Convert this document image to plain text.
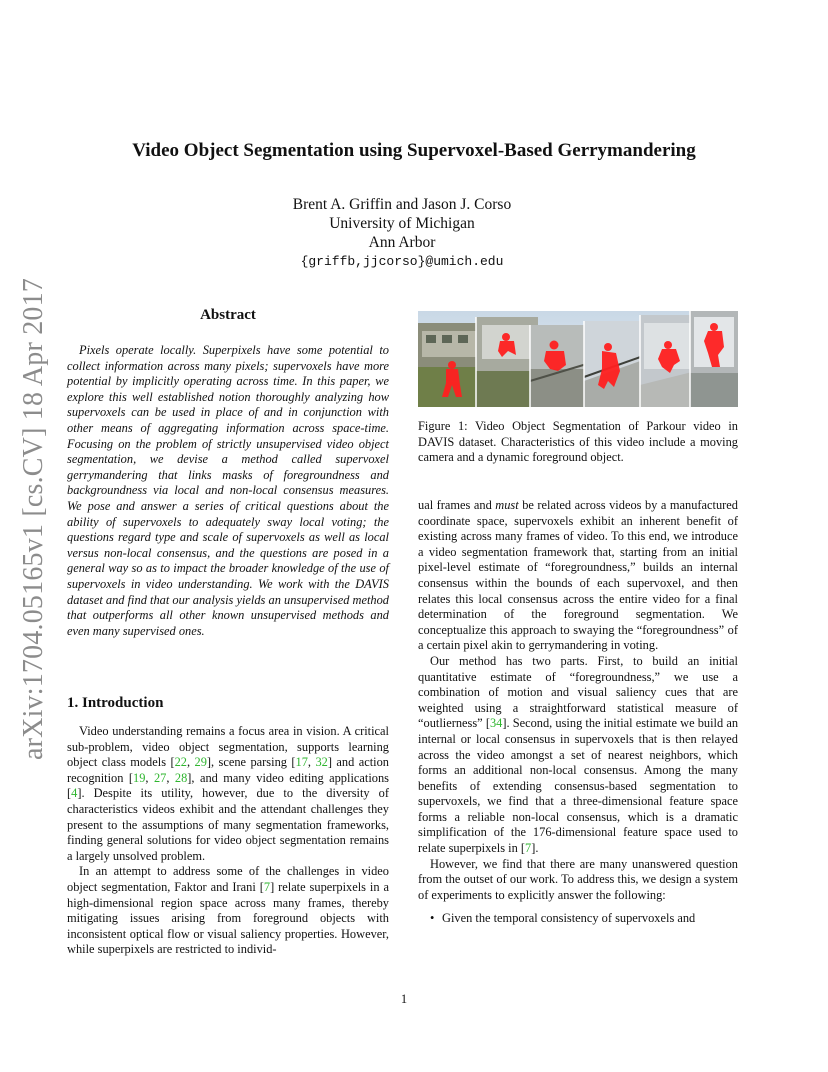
arXiv:1704.05165v1 [cs.CV] 18 Apr 2017
Video Object Segmentation using Supervoxel-Based Gerrymandering
Brent A. Griffin and Jason J. Corso
University of Michigan
Ann Arbor
{griffb,jjcorso}@umich.edu
Abstract

Pixels operate locally. Superpixels have some potential to collect information across many pixels; supervoxels have more potential by implicitly operating across time. In this paper, we explore this well established notion thoroughly analyzing how supervoxels can be used in place of and in conjunction with other means of aggregating information across space-time. Focusing on the problem of strictly unsupervised video object segmentation, we devise a method called supervoxel gerrymandering that links masks of foregroundness and backgroundness via local and non-local consensus measures. We pose and answer a series of critical questions about the ability of supervoxels to adequately sway local voting; the questions regard type and scale of supervoxels as well as local versus non-local consensus, and the questions are posed in a general way so as to impact the broader knowledge of the use of supervoxels in video understanding. We work with the DAVIS dataset and find that our analysis yields an unsupervised method that outperforms all other known unsupervised methods and even many supervised ones.

1. Introduction

Video understanding remains a focus area in vision. A critical sub-problem, video object segmentation, supports learning object class models [22, 29], scene parsing [17, 32] and action recognition [19, 27, 28], and many video editing applications [4]. Despite its utility, however, due to the diversity of characteristics videos exhibit and the attendant challenges they present to the assumptions of many segmentation frameworks, finding general solutions for video object segmentation remains a largely unsolved problem.

In an attempt to address some of the challenges in video object segmentation, Faktor and Irani [7] relate superpixels in a high-dimensional region space across many frames, thereby mitigating issues arising from foreground objects with inconsistent optical flow or visual saliency properties. However, while superpixels are restricted to individ-

Figure 1: Video Object Segmentation of Parkour video in DAVIS dataset. Characteristics of this video include a moving camera and a dynamic foreground object.

ual frames and must be related across videos by a manufactured coordinate space, supervoxels exhibit an inherent benefit of existing across many frames of video. To this end, we introduce a video segmentation framework that, starting from an initial pixel-level estimate of “foregroundness,” builds an internal consensus within the bounds of each supervoxel, and then relates this local consensus across the entire video for a final determination of the foreground segmentation. We conceptualize this approach to swaying the “foregroundness” of a certain pixel akin to gerrymandering in voting.

Our method has two parts. First, to build an initial quantitative estimate of “foregroundness,” we use a combination of motion and visual saliency cues that are weighted using a straightforward statistical measure of “outlierness” [34]. Second, using the initial estimate we build an internal or local consensus in supervoxels that is then relayed across the video amongst a set of nearest neighbors, which forms an additional non-local consensus. Among the many benefits of extending consensus-based segmentation to supervoxels, we find that a three-dimensional feature space forms a reliable non-local consensus, which is a dramatic simplification of the 176-dimensional feature space used to relate superpixels in [7].

However, we find that there are many unanswered question from the outset of our work. To address this, we design a system of experiments to explicitly answer the following:

• Given the temporal consistency of supervoxels and
1
